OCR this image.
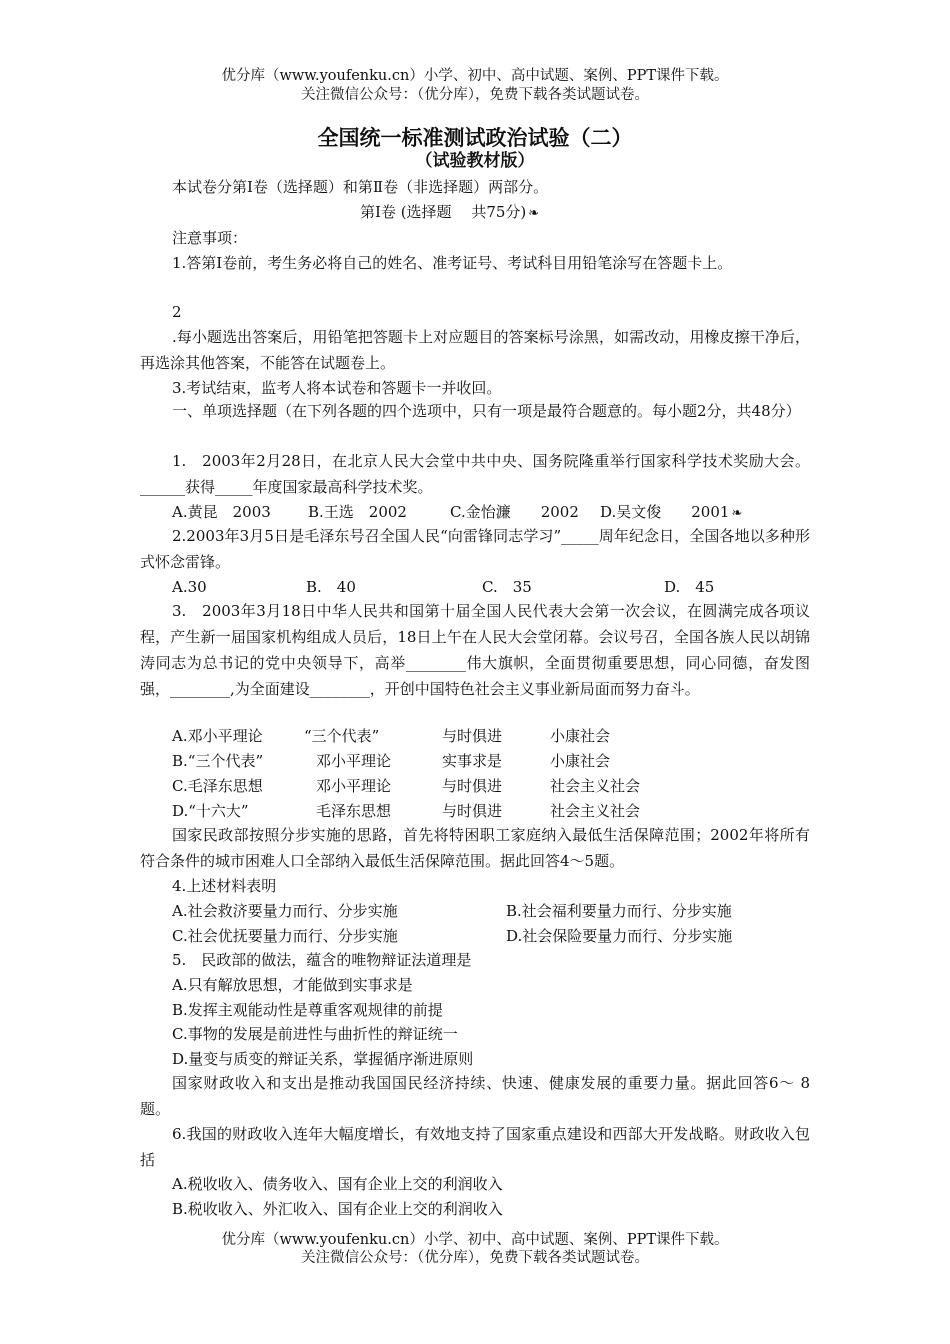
优分库（www.youfenku.cn）小学、初中、高中试题、案例、PPT课件下载。
关注微信公众号：（优分库），免费下载各类试题试卷。
全国统一标准测试政治试验（二）
（试验教材版）
本试卷分第Ⅰ卷（选择题）和第Ⅱ卷（非选择题）两部分。
第Ⅰ卷 (选择题　 共75分) ❧
注意事项：
1.答第Ⅰ卷前，考生务必将自己的姓名、准考证号、考试科目用铅笔涂写在答题卡上。
2
.每小题选出答案后，用铅笔把答题卡上对应题目的答案标号涂黑，如需改动，用橡皮擦干净后，再选涂其他答案，不能答在试题卷上。
3.考试结束，监考人将本试卷和答题卡一并收回。
一、单项选择题（在下列各题的四个选项中，只有一项是最符合题意的。每小题2分，共48分）
1.　2003年2月28日，在北京人民大会堂中共中央、国务院隆重举行国家科学技术奖励大会。______获得_____年度国家最高科学技术奖。
A.黄昆　2003 B.王选　2002	C.金怡濂　　2002 D.吴文俊　　2001 ❧
2.2003年3月5日是毛泽东号召全国人民“向雷锋同志学习”_____周年纪念日，全国各地以多种形式怀念雷锋。
A.30	B.　40	C.　35	D.　45
3.　2003年3月18日中华人民共和国第十届全国人民代表大会第一次会议，在圆满完成各项议程，产生新一届国家机构组成人员后，18日上午在人民大会堂闭幕。会议号召，全国各族人民以胡锦涛同志为总书记的党中央领导下，高举________伟大旗帜，全面贯彻重要思想，同心同德，奋发图强，________,为全面建设________，开创中国特色社会主义事业新局面而努力奋斗。
A.邓小平理论	“三个代表”	与时俱进	小康社会
B.“三个代表”	邓小平理论	实事求是	小康社会
C.毛泽东思想	邓小平理论	与时俱进	社会主义社会
D.“十六大”	毛泽东思想	与时俱进	社会主义社会
国家民政部按照分步实施的思路，首先将特困职工家庭纳入最低生活保障范围；2002年将所有符合条件的城市困难人口全部纳入最低生活保障范围。据此回答4～5题。
4.上述材料表明
A.社会救济要量力而行、分步实施	B.社会福利要量力而行、分步实施
C.社会优抚要量力而行、分步实施	D.社会保险要量力而行、分步实施
5.　民政部的做法，蕴含的唯物辩证法道理是
A.只有解放思想，才能做到实事求是
B.发挥主观能动性是尊重客观规律的前提
C.事物的发展是前进性与曲折性的辩证统一
D.量变与质变的辩证关系，掌握循序渐进原则
国家财政收入和支出是推动我国国民经济持续、快速、健康发展的重要力量。据此回答6～ 8题。
6.我国的财政收入连年大幅度增长，有效地支持了国家重点建设和西部大开发战略。财政收入包括
A.税收收入、债务收入、国有企业上交的利润收入
B.税收收入、外汇收入、国有企业上交的利润收入
优分库（www.youfenku.cn）小学、初中、高中试题、案例、PPT课件下载。
关注微信公众号：（优分库），免费下载各类试题试卷。
